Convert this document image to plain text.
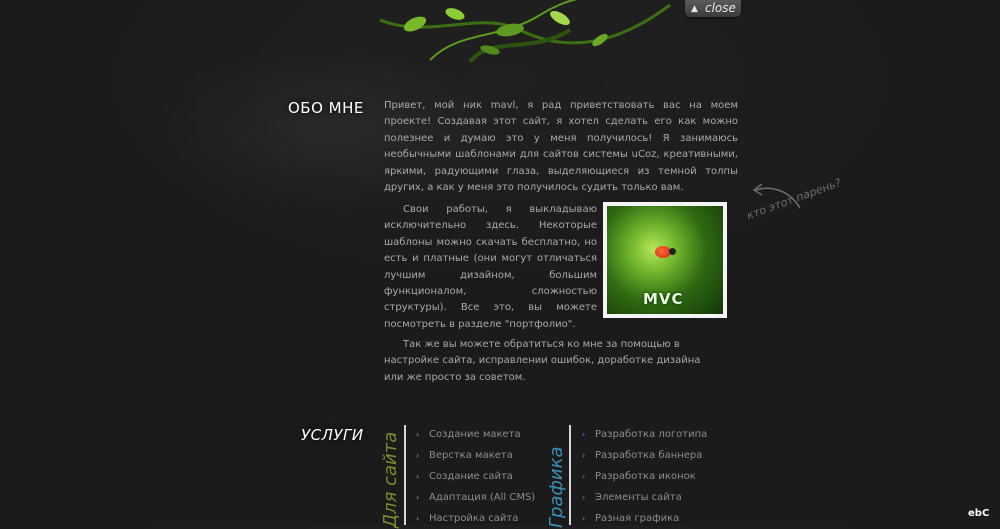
▲ close
ОБО МНЕ Привет, мой ник mavl, я рад приветствовать вас на моем проекте! Создавая этот сайт, я хотел сделать его как можно полезнее и думаю это у меня получилось! Я занимаюсь необычными шаблонами для сайтов системы uCoz, креативными, яркими, радующими глаза, выделяющиеся из темной толпы других, а как у меня это получилось судить только вам.

Свои работы, я выкладываю исключительно здесь. Некоторые шаблоны можно скачать бесплатно, но есть и платные (они могут отличаться лучшим дизайном, большим функционалом, сложностью структуры). Все это, вы можете посмотреть в разделе "портфолио".

MVC
кто этот парень?

Так же вы можете обратиться ко мне за помощью в настройке сайта, исправлении ошибок, доработке дизайна или же просто за советом.

УСЛУГИ Для сайта	Графика
› Создание макета
› Верстка макета
› Создание сайта
› Адаптация (All CMS)
› Настройка сайта
› Разработка логотипа
› Разработка баннера
› Разработка иконок
› Элементы сайта
› Разная графика	ebC
